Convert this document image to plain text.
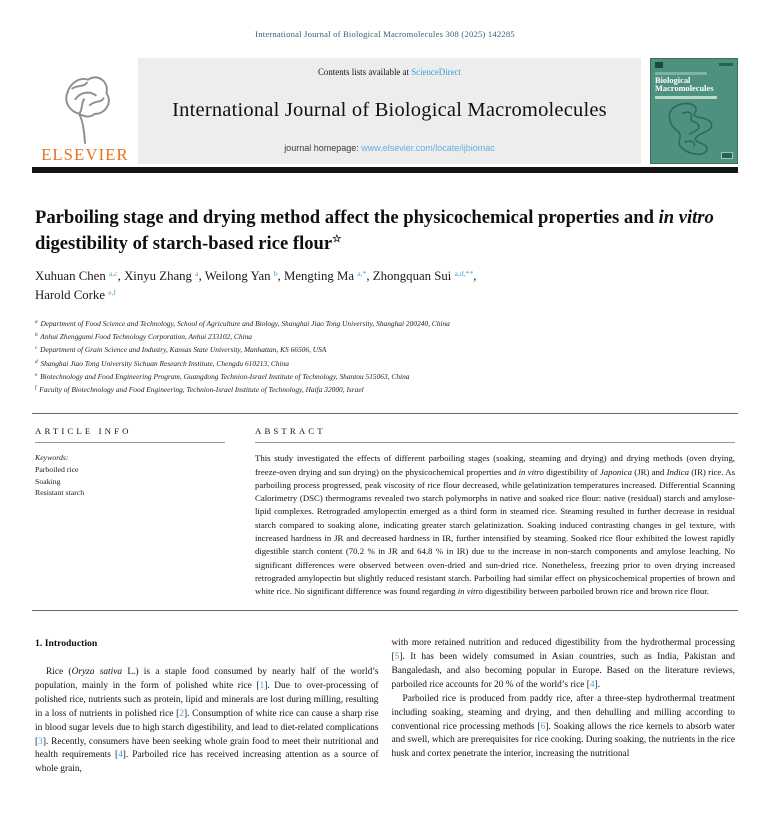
International Journal of Biological Macromolecules 308 (2025) 142285
ELSEVIER
Contents lists available at ScienceDirect
International Journal of Biological Macromolecules
journal homepage: www.elsevier.com/locate/ijbiomac
Biological
Macromolecules
Parboiling stage and drying method affect the physicochemical properties and in vitro digestibility of starch-based rice flour☆
Xuhuan Chen $^{a,c}$, Xinyu Zhang $^a$, Weilong Yan $^b$, Mengting Ma $^{a,*}$, Zhongquan Sui $^{a,d,**}$,
Harold Corke $^{e,f}$
$^a$ Department of Food Science and Technology, School of Agriculture and Biology, Shanghai Jiao Tong University, Shanghai 200240, China
$^b$ Anhui Zhenggumi Food Technology Corporation, Anhui 233102, China
$^c$ Department of Grain Science and Industry, Kansas State University, Manhattan, KS 66506, USA
$^d$ Shanghai Jiao Tong University Sichuan Research Institute, Chengdu 610213, China
$^e$ Biotechnology and Food Engineering Program, Guangdong Technion-Israel Institute of Technology, Shantou 515063, China
$^f$ Faculty of Biotechnology and Food Engineering, Technion-Israel Institute of Technology, Haifa 32000, Israel
ARTICLE INFO
Keywords:
Parboiled rice
Soaking
Resistant starch
ABSTRACT
This study investigated the effects of different parboiling stages (soaking, steaming and drying) and drying methods (oven drying, freeze-oven drying and sun drying) on the physicochemical properties and in vitro digestibility of Japonica (JR) and Indica (IR) rice. As parboiling process progressed, peak viscosity of rice flour decreased, while gelatinization temperatures increased. Differential Scanning Calorimetry (DSC) thermograms revealed two starch polymorphs in native and soaked rice flour: native (residual) starch and amylose-lipid complexes. Retrograded amylopectin emerged as a third form in steamed rice. Steaming resulted in further decrease in residual starch compared to soaking alone, indicating greater starch gelatinization. Soaking induced contrasting changes in gel texture, with increased hardness in JR and decreased hardness in IR, further intensified by steaming. Soaked rice flour exhibited the lowest rapidly digestible starch content (70.2 % in JR and 64.8 % in IR) due to the increase in non-starch components and amylose leaching. No significant differences were observed between oven-dried and sun-dried rice. Nonetheless, freezing prior to oven drying increased retrograded amylopectin but slightly reduced resistant starch. Parboiling had similar effect on physicochemical properties of brown and white rice. No significant difference was found regarding in vitro digestibility between parboiled brown rice and brown rice flour.
1. Introduction

Rice (Oryza sativa L.) is a staple food consumed by nearly half of the world’s population, mainly in the form of polished white rice [1]. Due to over-processing of polished rice, nutrients such as protein, lipid and minerals are lost during milling, resulting in a loss of nutrients in polished rice [2]. Consumption of white rice can cause a sharp rise in blood sugar levels due to high starch digestibility, and lead to diet-related complications [3]. Recently, consumers have been seeking whole grain food to meet their nutritional and health requirements [4]. Parboiled rice has received increasing attention as a source of whole grain,

with more retained nutrition and reduced digestibility from the hydrothermal processing [5]. It has been widely comsumed in Asian countries, such as India, Pakistan and Bangaledash, and also becoming popular in Europe. Based on the literature reviews, parboiled rice accounts for 20 % of the world’s rice [4].

Parboiled rice is produced from paddy rice, after a three-step hydrothermal treatment including soaking, steaming and drying, and then dehulling and milling according to conventional rice processing methods [6]. Soaking allows the rice kernels to absorb water and swell, which are prerequisites for rice cooking. During soaking, the nutrients in the rice husk and cortex penetrate the interior, increasing the nutritional
